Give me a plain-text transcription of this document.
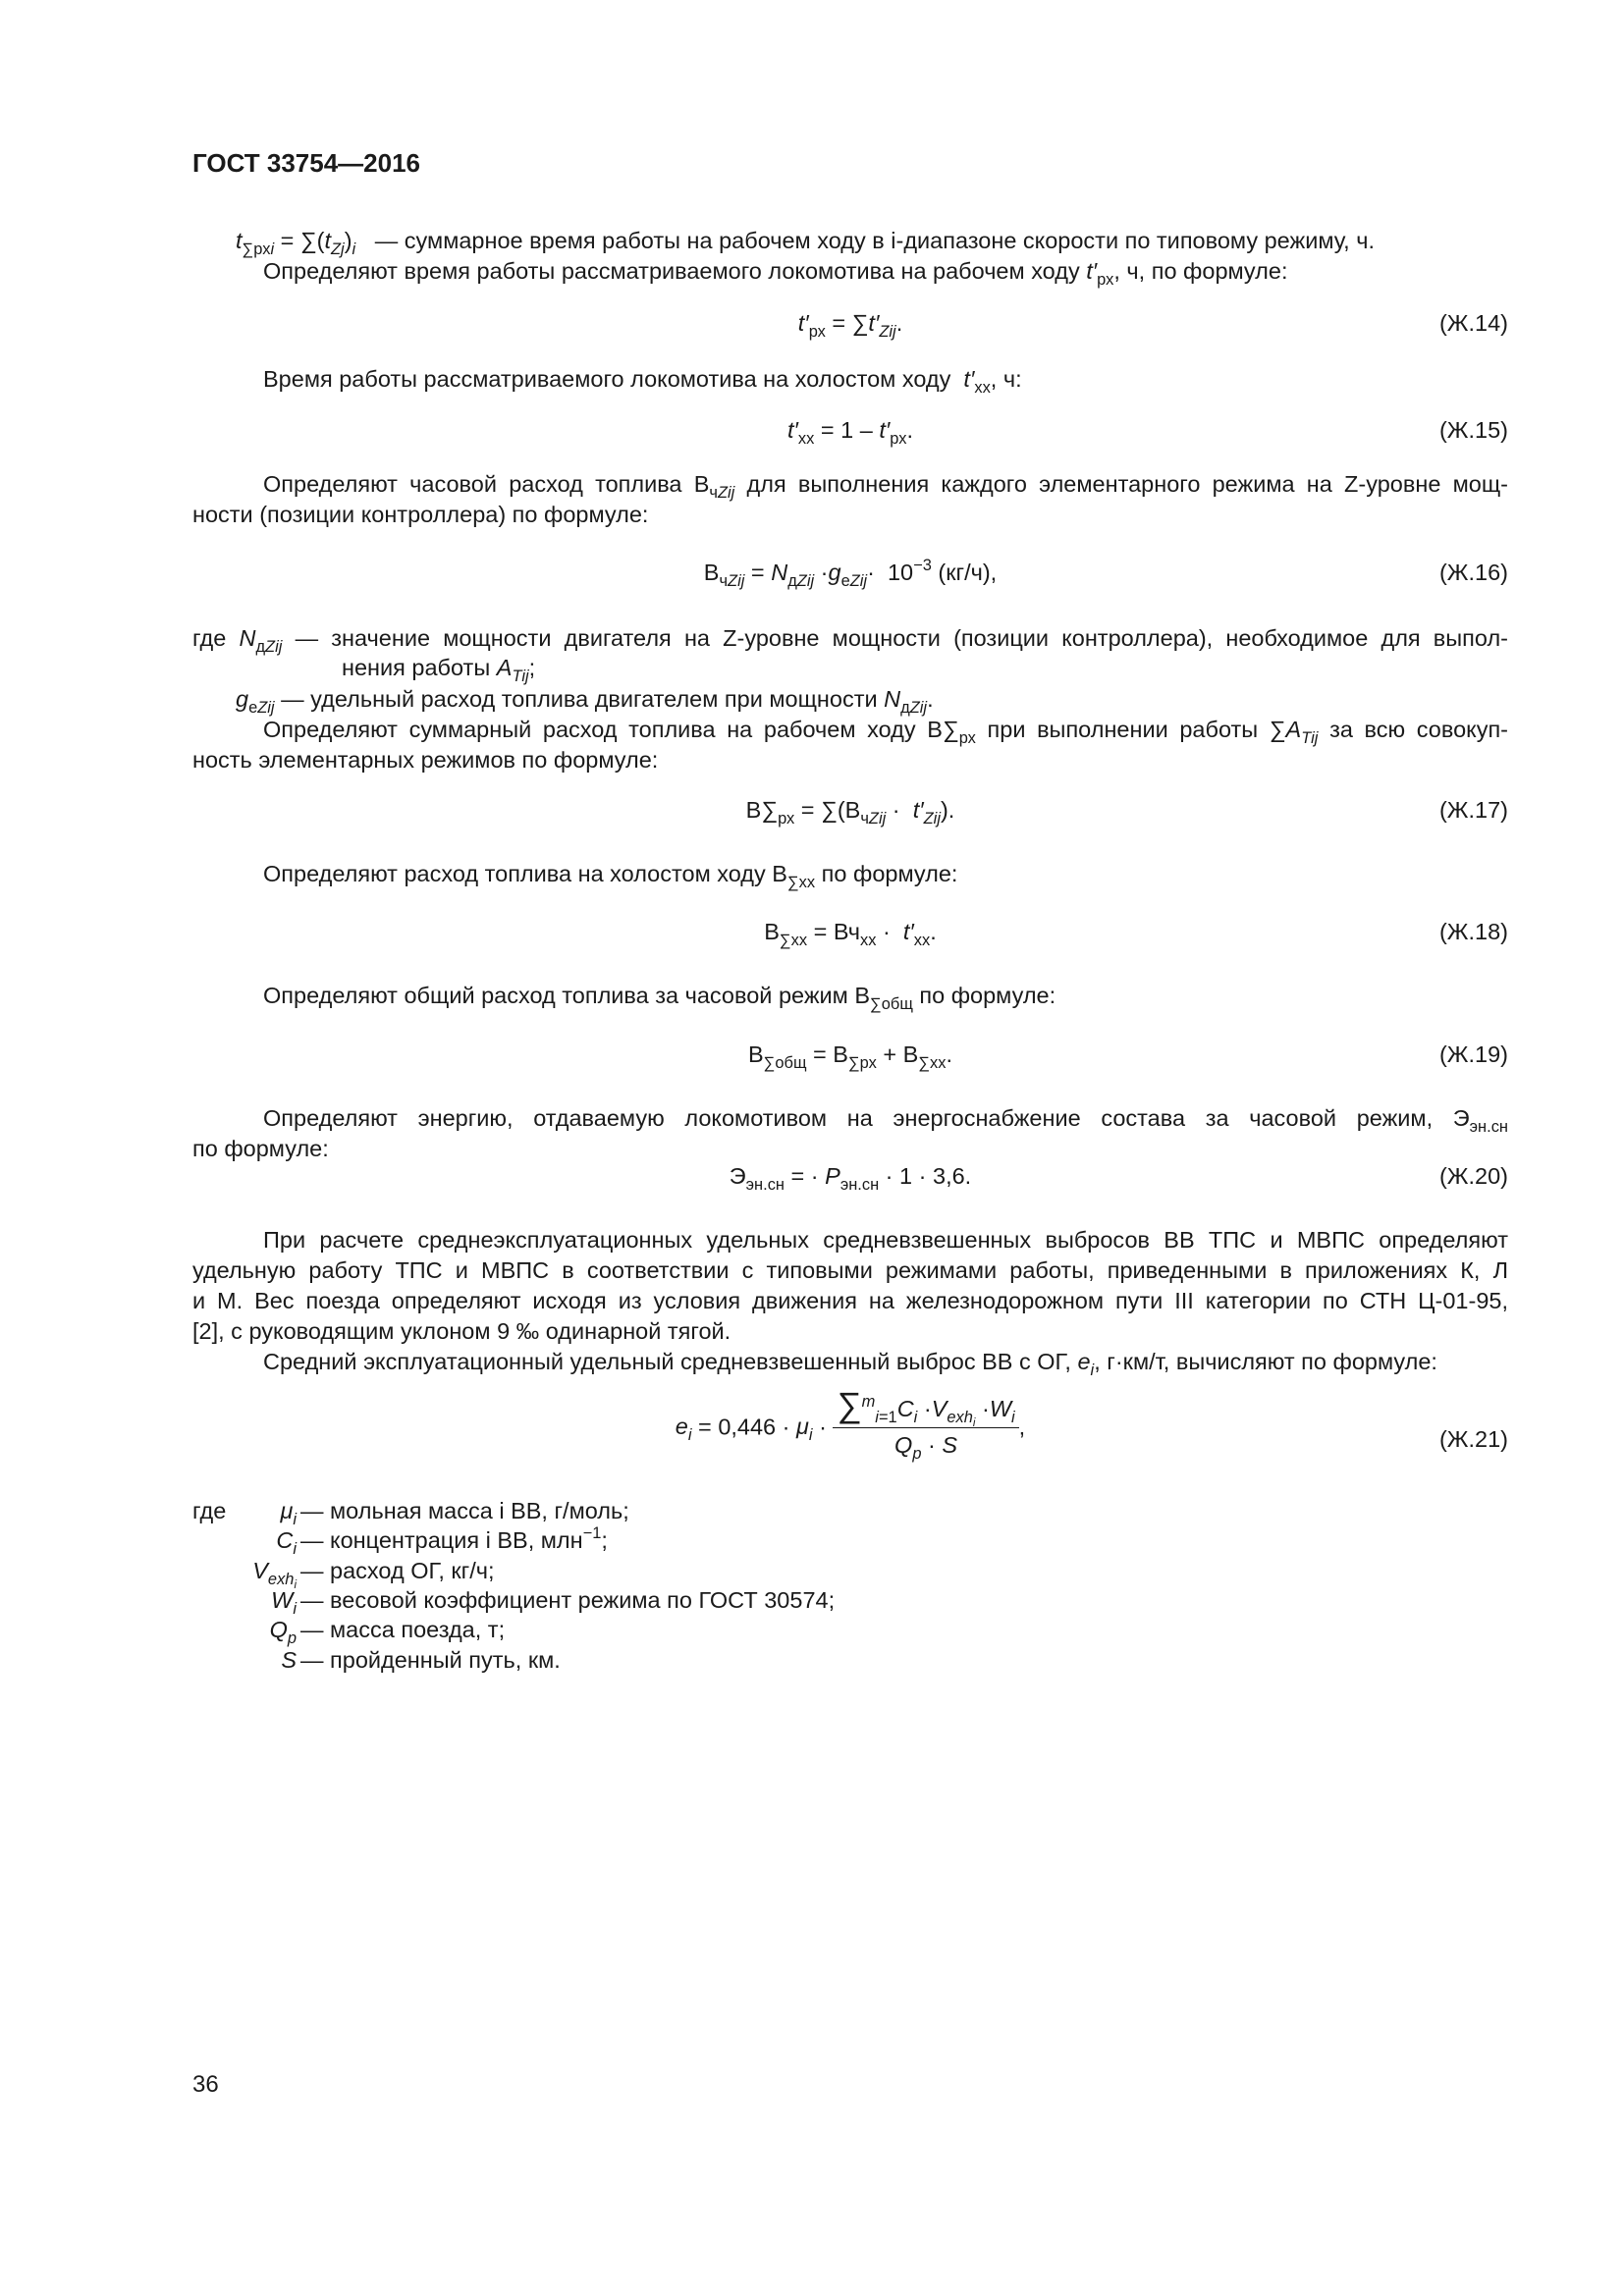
ГОСТ 33754—2016
$t_{\sum рхi} = \sum(t_{Zj})_i$ — суммарное время работы на рабочем ходу в i-диапазоне скорости по типовому режиму, ч.
Определяют время работы рассматриваемого локомотива на рабочем ходу $t'_{рх}$, ч, по формуле:
$t'_{рх} = \sum t'_{Zij}$.	(Ж.14)
Время работы рассматриваемого локомотива на холостом ходу  $t'_{хх}$, ч:
$t'_{хх} = 1 - t'_{рх}$.	(Ж.15)
Определяют часовой расход топлива $В_{чZij}$ для выполнения каждого элементарного режима на Z-уровне мощ-
ности (позиции контроллера) по формуле:
$В_{чZij} = N_{дZij} \cdot g_{eZij}\cdot 10^{-3}$ (кг/ч),	(Ж.16)
где $N_{дZij}$ — значение мощности двигателя на Z-уровне мощности (позиции контроллера), необходимое для выпол-
нения работы $A_{Tij}$;
$g_{eZij}$ — удельный расход топлива двигателем при мощности $N_{дZij}$.
Определяют суммарный расход топлива на рабочем ходу $В\sum_{рх}$ при выполнении работы $\sum A_{Tij}$ за всю совокуп-
ность элементарных режимов по формуле:
$В\sum_{рх} = \sum(В_{чZij} \cdot t'_{Zij})$.	(Ж.17)
Определяют расход топлива на холостом ходу $В_{\sum хх}$ по формуле:
$В_{\sum хх} = Вч_{хх} \cdot t'_{хх}$.	(Ж.18)
Определяют общий расход топлива за часовой режим $В_{\sum общ}$ по формуле:
$В_{\sum общ} = В_{\sum рх} + В_{\sum хх}$.	(Ж.19)
Определяют энергию, отдаваемую локомотивом на энергоснабжение состава за часовой режим, $Э_{эн.сн}$
по формуле:
$Э_{эн.сн}$ = · $P_{эн.сн} \cdot 1 \cdot 3,6$.	(Ж.20)
При расчете среднеэксплуатационных удельных средневзвешенных выбросов ВВ ТПС и МВПС определяют
удельную работу ТПС и МВПС в соответствии с типовыми режимами работы, приведенными в приложениях К, Л
и М. Вес поезда определяют исходя из условия движения на железнодорожном пути III категории по СТН Ц-01-95,
[2], с руководящим уклоном 9 ‰ одинарной тягой.
Средний эксплуатационный удельный средневзвешенный выброс ВВ с ОГ, $e_i$, г·км/т, вычисляют по формуле:
$e_i = 0,446 \cdot \mu_i \cdot \frac{\sum^m_{i=1}C_i \cdot V_{exh_i} \cdot W_i}{Q_p \cdot S}$ ,	(Ж.21)
где	$\mu_i$ — мольная масса i ВВ, г/моль;
$C_i$ — концентрация i ВВ, млн$^{-1}$;
$V_{exh_i}$
— расход ОГ, кг/ч;
$W_i$ — весовой коэффициент режима по ГОСТ 30574;
$Q_p$ — масса поезда, т;
S — пройденный путь, км.
36
